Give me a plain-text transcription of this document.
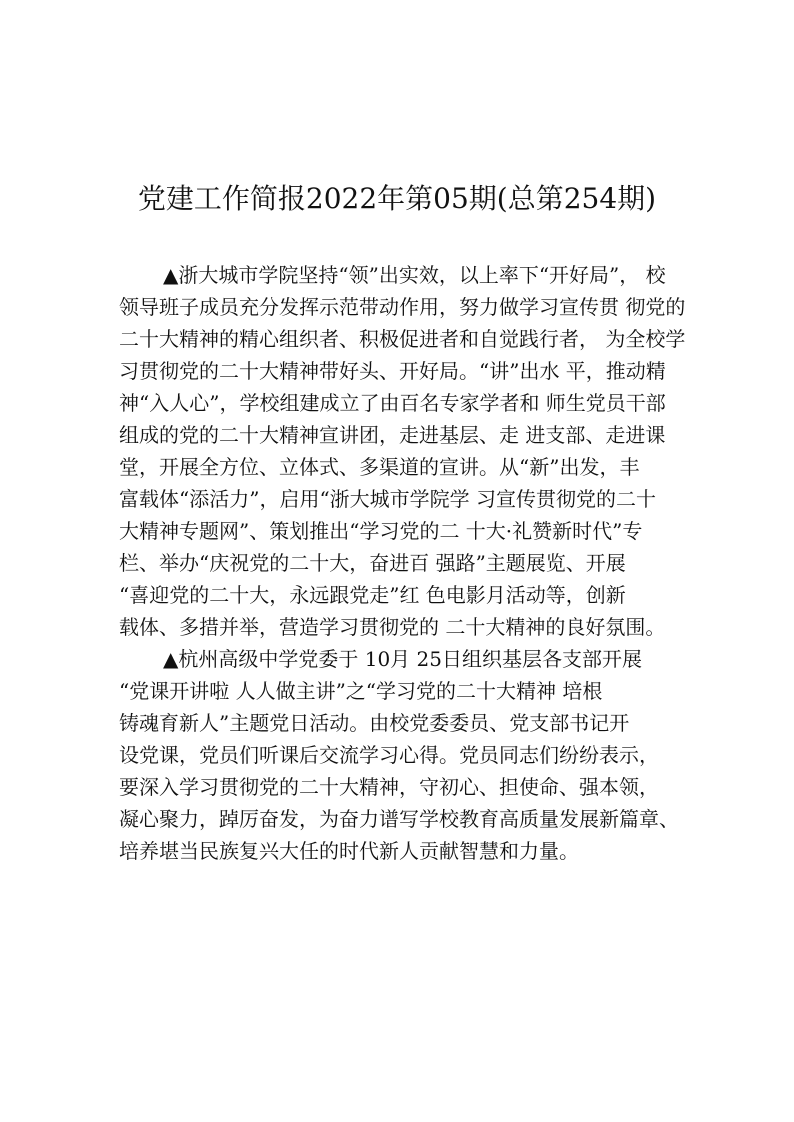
党建工作简报2022年第05期(总第254期)
▲浙大城市学院坚持“领”出实效，以上率下“开好局”， 校
领导班子成员充分发挥示范带动作用，努力做学习宣传贯 彻党的
二十大精神的精心组织者、积极促进者和自觉践行者， 为全校学
习贯彻党的二十大精神带好头、开好局。“讲”出水 平，推动精
神“入人心”，学校组建成立了由百名专家学者和 师生党员干部
组成的党的二十大精神宣讲团，走进基层、走 进支部、走进课
堂，开展全方位、立体式、多渠道的宣讲。从“新”出发，丰
富载体“添活力”，启用“浙大城市学院学 习宣传贯彻党的二十
大精神专题网”、策划推出“学习党的二 十大·礼赞新时代”专
栏、举办“庆祝党的二十大，奋进百 强路”主题展览、开展
“喜迎党的二十大，永远跟党走”红 色电影月活动等，创新
载体、多措并举，营造学习贯彻党的 二十大精神的良好氛围。
▲杭州高级中学党委于 10月 25日组织基层各支部开展
“党课开讲啦 人人做主讲”之“学习党的二十大精神 培根
铸魂育新人”主题党日活动。由校党委委员、党支部书记开
设党课，党员们听课后交流学习心得。党员同志们纷纷表示，
要深入学习贯彻党的二十大精神，守初心、担使命、强本领，
凝心聚力，踔厉奋发，为奋力谱写学校教育高质量发展新篇章、
培养堪当民族复兴大任的时代新人贡献智慧和力量。
